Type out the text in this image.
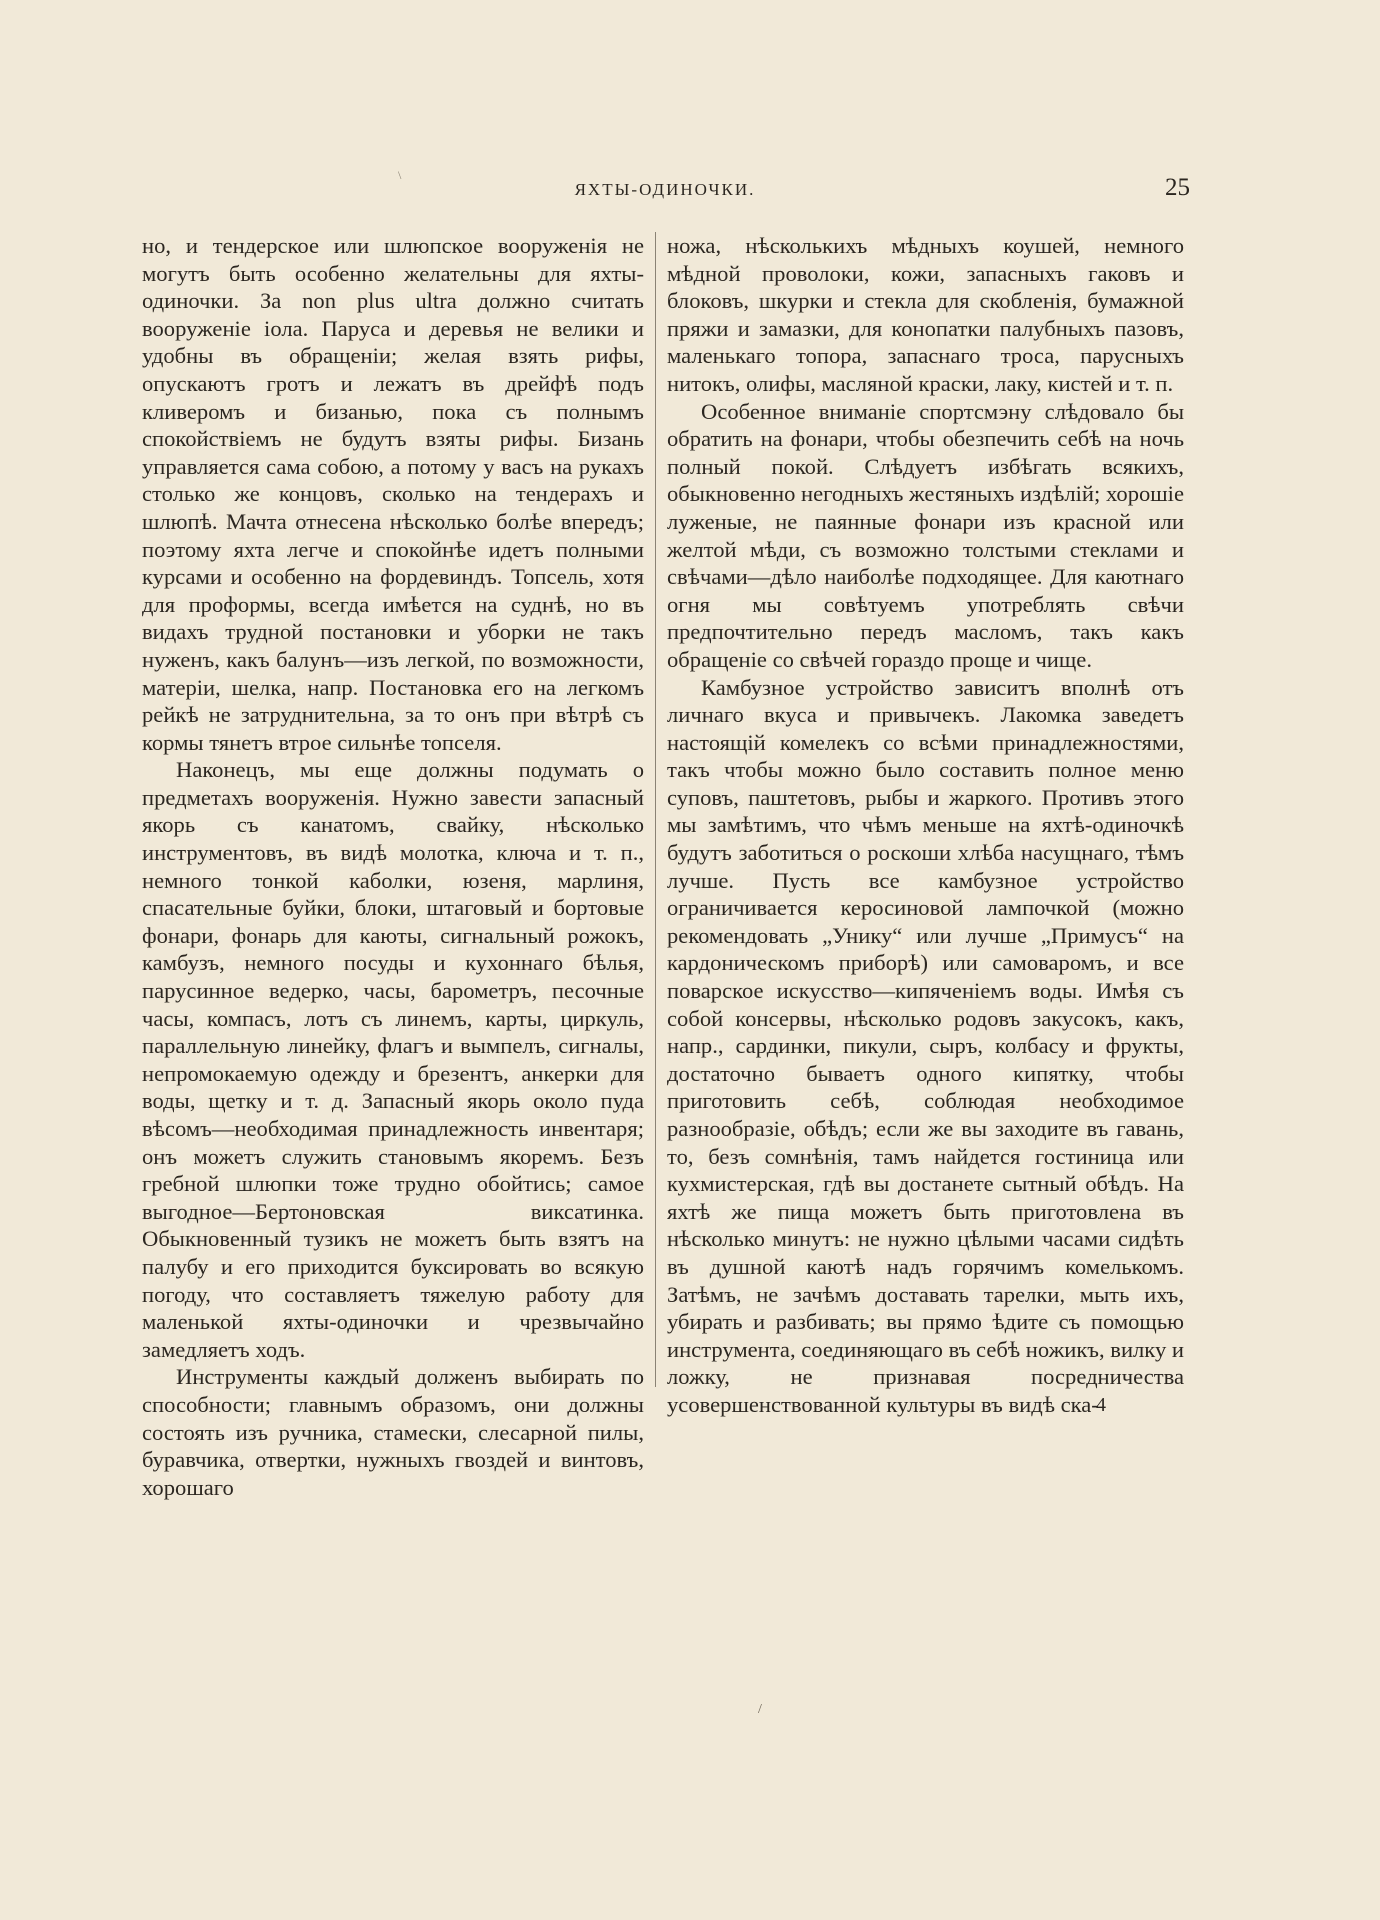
\
ЯХТЫ-ОДИНОЧКИ.	25

но, и тендерское или шлюпское вооруженія не могутъ быть особенно желательны для яхты-одиночки. За non plus ultra должно считать вооруженіе іола. Паруса и деревья не велики и удобны въ обращеніи; желая взять рифы, опускаютъ гротъ и лежатъ въ дрейфѣ подъ кливеромъ и бизанью, пока съ полнымъ спокойствіемъ не будутъ взяты рифы. Бизань управляется сама собою, а потому у васъ на рукахъ столько же концовъ, сколько на тендерахъ и шлюпѣ. Мачта отнесена нѣсколько болѣе впередъ; поэтому яхта легче и спокойнѣе идетъ полными курсами и особенно на фордевиндъ. Топсель, хотя для проформы, всегда имѣется на суднѣ, но въ видахъ трудной постановки и уборки не такъ нуженъ, какъ балунъ—изъ легкой, по возможности, матеріи, шелка, напр. Постановка его на легкомъ рейкѣ не затруднительна, за то онъ при вѣтрѣ съ кормы тянетъ втрое сильнѣе топселя.

Наконецъ, мы еще должны подумать о предметахъ вооруженія. Нужно завести запасный якорь съ канатомъ, свайку, нѣсколько инструментовъ, въ видѣ молотка, ключа и т. п., немного тонкой каболки, юзеня, марлиня, спасательные буйки, блоки, штаговый и бортовые фонари, фонарь для каюты, сигнальный рожокъ, камбузъ, немного посуды и кухоннаго бѣлья, парусинное ведерко, часы, барометръ, песочные часы, компасъ, лотъ съ линемъ, карты, циркуль, параллельную линейку, флагъ и вымпелъ, сигналы, непромокаемую одежду и брезентъ, анкерки для воды, щетку и т. д. Запасный якорь около пуда вѣсомъ—необходимая принадлежность инвентаря; онъ можетъ служить становымъ якоремъ. Безъ гребной шлюпки тоже трудно обойтись; самое выгодное—Бертоновская виксатинка. Обыкновенный тузикъ не можетъ быть взятъ на палубу и его приходится буксировать во всякую погоду, что составляетъ тяжелую работу для маленькой яхты-одиночки и чрезвычайно замедляетъ ходъ.

Инструменты каждый долженъ выбирать по способности; главнымъ образомъ, они должны состоять изъ ручника, стамески, слесарной пилы, буравчика, отвертки, нужныхъ гвоздей и винтовъ, хорошаго

ножа, нѣсколькихъ мѣдныхъ коушей, немного мѣдной проволоки, кожи, запасныхъ гаковъ и блоковъ, шкурки и стекла для скобленія, бумажной пряжи и замазки, для конопатки палубныхъ пазовъ, маленькаго топора, запаснаго троса, парусныхъ нитокъ, олифы, масляной краски, лаку, кистей и т. п.

Особенное вниманіе спортсмэну слѣдовало бы обратить на фонари, чтобы обезпечить себѣ на ночь полный покой. Слѣдуетъ избѣгать всякихъ, обыкновенно негодныхъ жестяныхъ издѣлій; хорошіе луженые, не паянные фонари изъ красной или желтой мѣди, съ возможно толстыми стеклами и свѣчами—дѣло наиболѣе подходящее. Для каютнаго огня мы совѣтуемъ употреблять свѣчи предпочтительно передъ масломъ, такъ какъ обращеніе со свѣчей гораздо проще и чище.

Камбузное устройство зависитъ вполнѣ отъ личнаго вкуса и привычекъ. Лакомка заведетъ настоящій комелекъ со всѣми принадлежностями, такъ чтобы можно было составить полное меню суповъ, паштетовъ, рыбы и жаркого. Противъ этого мы замѣтимъ, что чѣмъ меньше на яхтѣ-одиночкѣ будутъ заботиться о роскоши хлѣба насущнаго, тѣмъ лучше. Пусть все камбузное устройство ограничивается керосиновой лампочкой (можно рекомендовать „Унику“ или лучше „Примусъ“ на кардоническомъ приборѣ) или самоваромъ, и все поварское искусство—кипяченіемъ воды. Имѣя съ собой консервы, нѣсколько родовъ закусокъ, какъ, напр., сардинки, пикули, сыръ, колбасу и фрукты, достаточно бываетъ одного кипятку, чтобы приготовить себѣ, соблюдая необходимое разнообразіе, обѣдъ; если же вы заходите въ гавань, то, безъ сомнѣнія, тамъ найдется гостиница или кухмистерская, гдѣ вы достанете сытный обѣдъ. На яхтѣ же пища можетъ быть приготовлена въ нѣсколько минутъ: не нужно цѣлыми часами сидѣть въ душной каютѣ надъ горячимъ комелькомъ. Затѣмъ, не зачѣмъ доставать тарелки, мыть ихъ, убирать и разбивать; вы прямо ѣдите съ помощью инструмента, соединяющаго въ себѣ ножикъ, вилку и ложку, не признавая посредничества усовершенствованной культуры въ видѣ ска-

4
/
